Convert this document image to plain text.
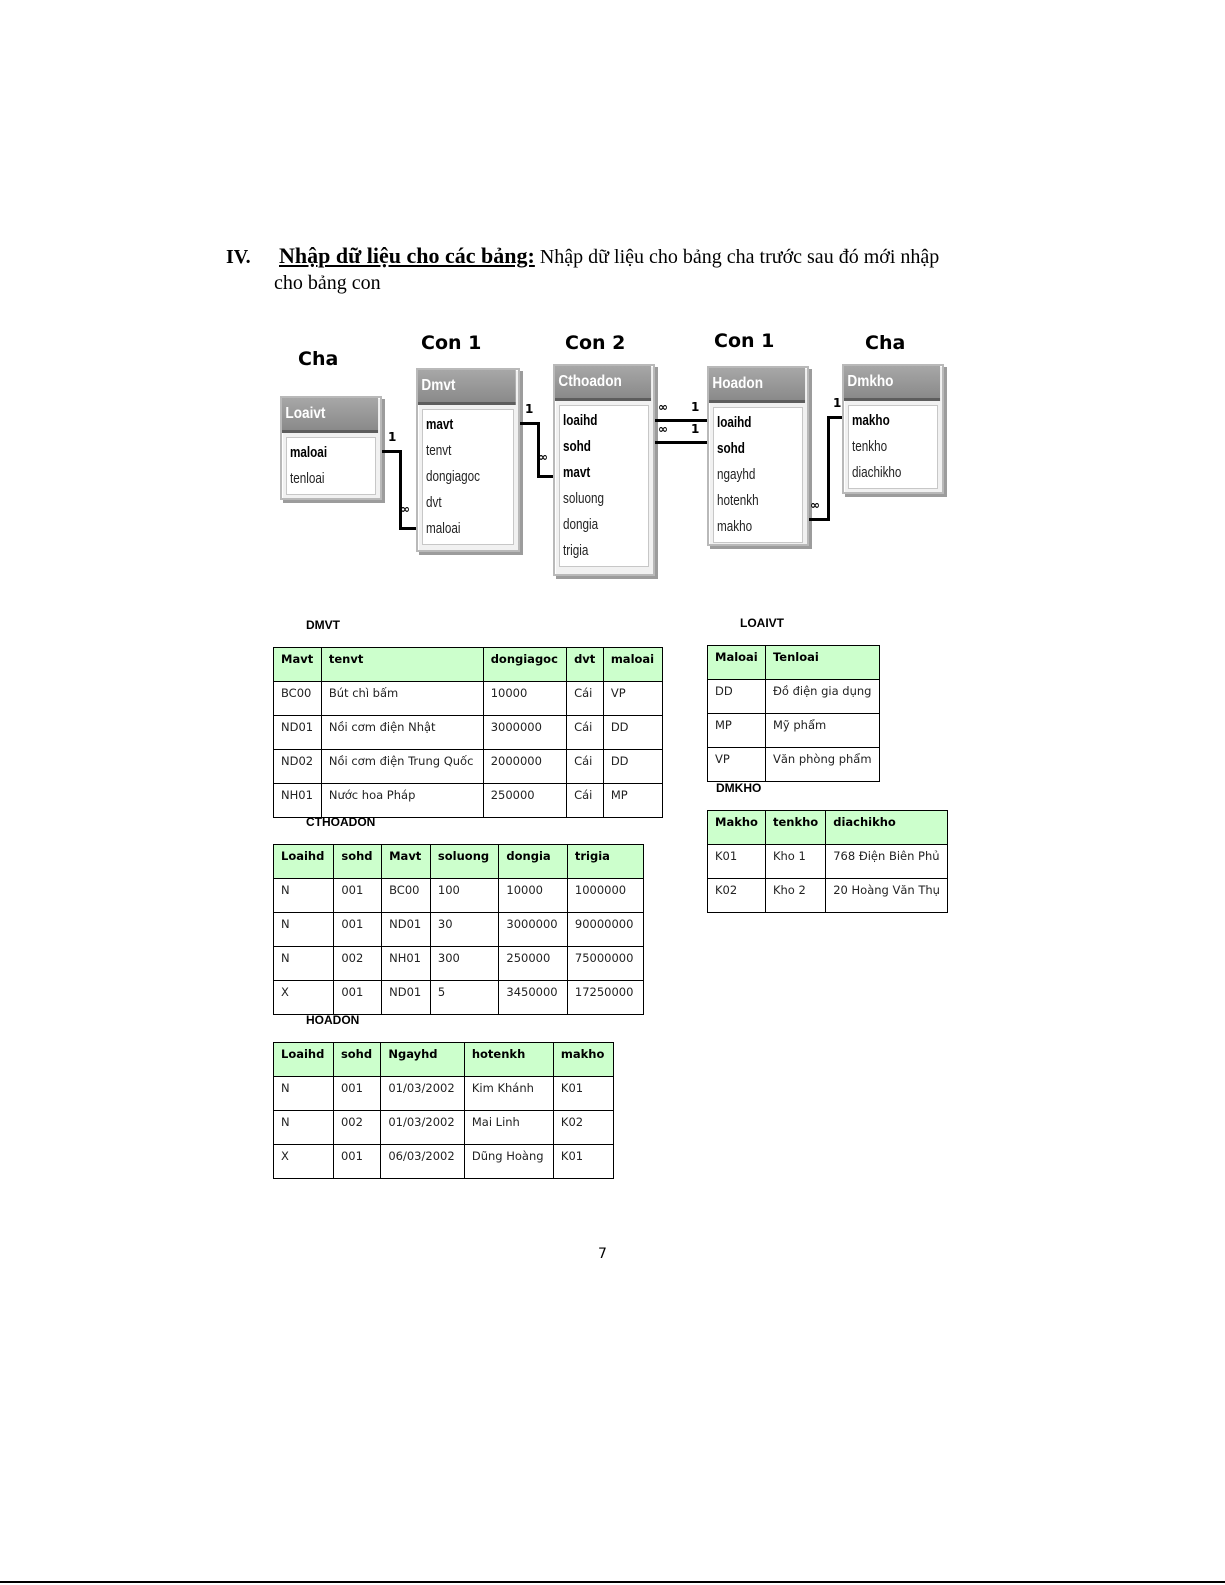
IV. Nhập dữ liệu cho các bảng: Nhập dữ liệu cho bảng cha trước sau đó mới nhập
cho bảng con
Cha
Con 1	Con 2	Con 1	Cha
Loaivt
maloai
tenloai
Dmvt
mavt
tenvt
dongiagoc
dvt
maloai
Cthoadon
loaihd
sohd
mavt
soluong
dongia
trigia
Hoadon
loaihd
sohd
ngayhd
hotenkh
makho
Dmkho
makho
tenkho
diachikho
1
∞
1
∞
∞
∞
1
1
1
∞
DMVT
Mavt	tenvt	dongiagoc	dvt	maloai
BC00	Bút chì bấm	10000	Cái	VP
ND01	Nồi cơm điện Nhật	3000000	Cái	DD
ND02	Nồi cơm điện Trung Quốc	2000000	Cái	DD
NH01	Nước hoa Pháp	250000	Cái	MP
LOAIVT
Maloai	Tenloai
DD	Đồ điện gia dụng
MP	Mỹ phẩm
VP	Văn phòng phẩm
DMKHO
Makho	tenkho	diachikho
K01	Kho 1	768 Điện Biên Phủ
K02	Kho 2	20 Hoàng Văn Thụ
CTHOADON
Loaihd	sohd	Mavt	soluong	dongia	trigia
N	001	BC00	100	10000	1000000
N	001	ND01	30	3000000	90000000
N	002	NH01	300	250000	75000000
X	001	ND01	5	3450000	17250000
HOADON
Loaihd	sohd	Ngayhd	hotenkh	makho
N	001	01/03/2002	Kim Khánh	K01
N	002	01/03/2002	Mai Linh	K02
X	001	06/03/2002	Dũng Hoàng	K01
7
